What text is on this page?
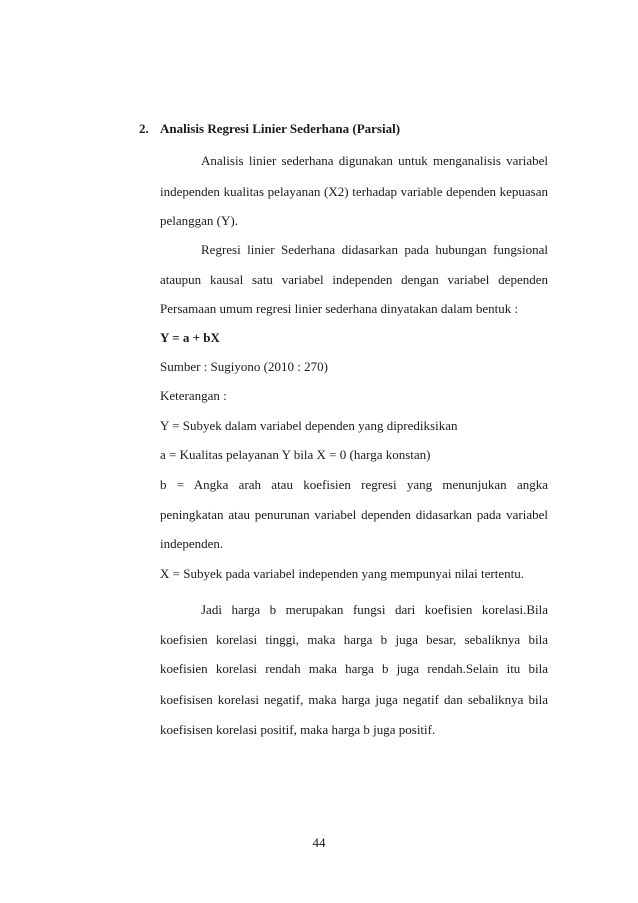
2. Analisis Regresi Linier Sederhana (Parsial)
Analisis linier sederhana digunakan untuk menganalisis variabel
independen kualitas pelayanan (X2) terhadap variable dependen kepuasan
pelanggan (Y).
Regresi linier Sederhana didasarkan pada hubungan fungsional
ataupun kausal satu variabel independen dengan variabel dependen
Persamaan umum regresi linier sederhana dinyatakan dalam bentuk :
Y = a + bX
Sumber : Sugiyono (2010 : 270)
Keterangan :
Y = Subyek dalam variabel dependen yang diprediksikan
a = Kualitas pelayanan Y bila X = 0 (harga konstan)
b = Angka arah atau koefisien regresi yang menunjukan angka
peningkatan atau penurunan variabel dependen didasarkan pada variabel
independen.
X = Subyek pada variabel independen yang mempunyai nilai tertentu.
Jadi harga b merupakan fungsi dari koefisien korelasi.Bila
koefisien korelasi tinggi, maka harga b juga besar, sebaliknya bila
koefisien korelasi rendah maka harga b juga rendah.Selain itu bila
koefisisen korelasi negatif, maka harga juga negatif dan sebaliknya bila
koefisisen korelasi positif, maka harga b juga positif.
44
